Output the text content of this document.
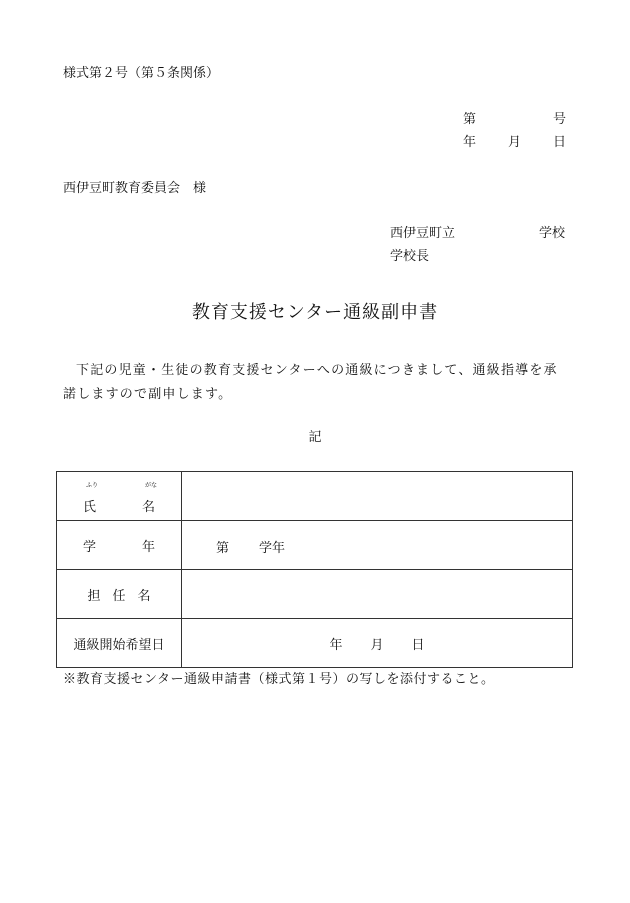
様式第２号（第５条関係）
第	号
年 月 日
西伊豆町教育委員会　様
西伊豆町立	学校
学校長
教育支援センター通級副申書
下記の児童・生徒の教育支援センターへの通級につきまして、通級指導を承諾しますので副申します。
記
ふり がな
氏 名	

学 年	第 学年

担 任 名	
通級開始希望日	年 月 日
※教育支援センター通級申請書（様式第１号）の写しを添付すること。
